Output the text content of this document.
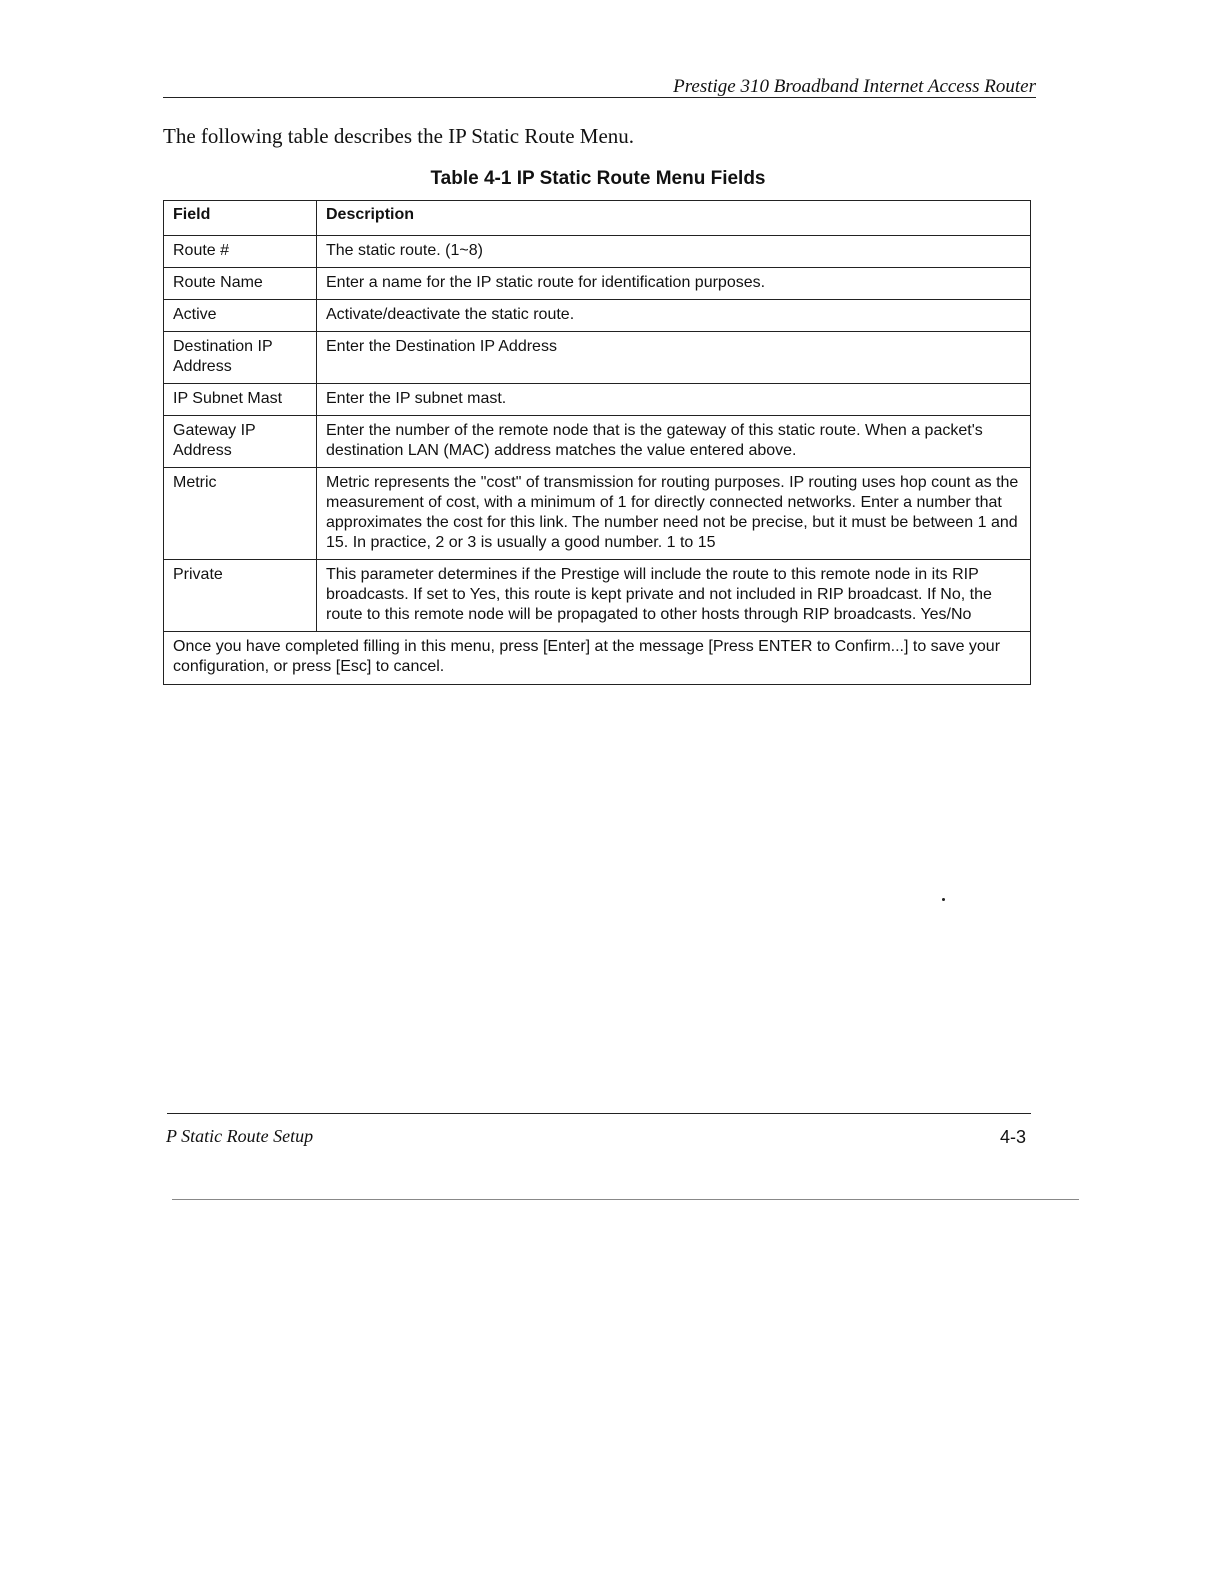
Prestige 310 Broadband Internet Access Router
The following table describes the IP Static Route Menu.
Table 4-1 IP Static Route Menu Fields
Field	Description
Route #	The static route. (1~8)
Route Name	Enter a name for the IP static route for identification purposes.
Active	Activate/deactivate the static route.
Destination IP Address	Enter the Destination IP Address
IP Subnet Mast	Enter the IP subnet mast.
Gateway IP Address	Enter the number of the remote node that is the gateway of this static route. When a packet's destination LAN (MAC) address matches the value entered above.
Metric	Metric represents the "cost" of transmission for routing purposes. IP routing uses hop count as the measurement of cost, with a minimum of 1 for directly connected networks. Enter a number that approximates the cost for this link. The number need not be precise, but it must be between 1 and 15. In practice, 2 or 3 is usually a good number. 1 to 15
Private	This parameter determines if the Prestige will include the route to this remote node in its RIP broadcasts. If set to Yes, this route is kept private and not included in RIP broadcast. If No, the route to this remote node will be propagated to other hosts through RIP broadcasts. Yes/No
Once you have completed filling in this menu, press [Enter] at the message [Press ENTER to Confirm...] to save your configuration, or press [Esc] to cancel.	
P Static Route Setup	4-3
